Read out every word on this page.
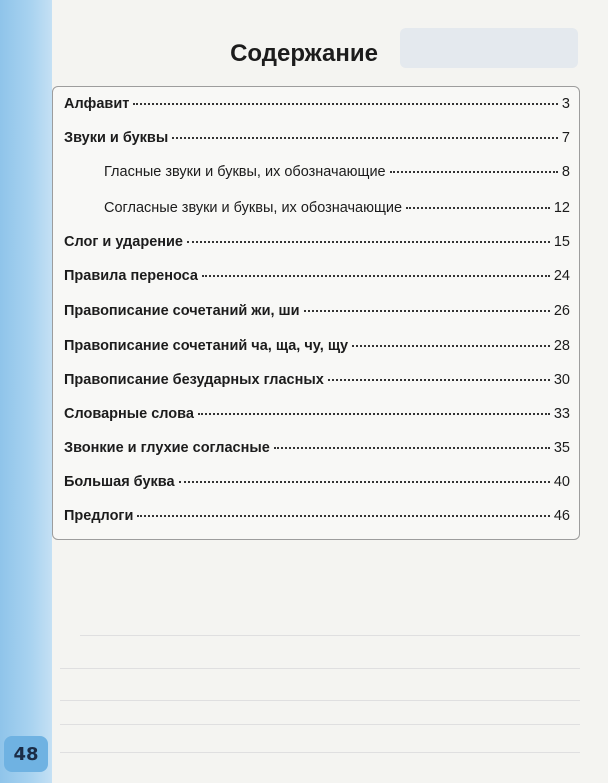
Содержание
Алфавит	3
Звуки и буквы	7
Гласные звуки и буквы, их обозначающие	8
Согласные звуки и буквы, их обозначающие	12
Слог и ударение	15
Правила переноса	24
Правописание сочетаний жи, ши	26
Правописание сочетаний ча, ща, чу, щу	28
Правописание безударных гласных	30
Словарные слова	33
Звонкие и глухие согласные	35
Большая буква	40
Предлоги	46
48
